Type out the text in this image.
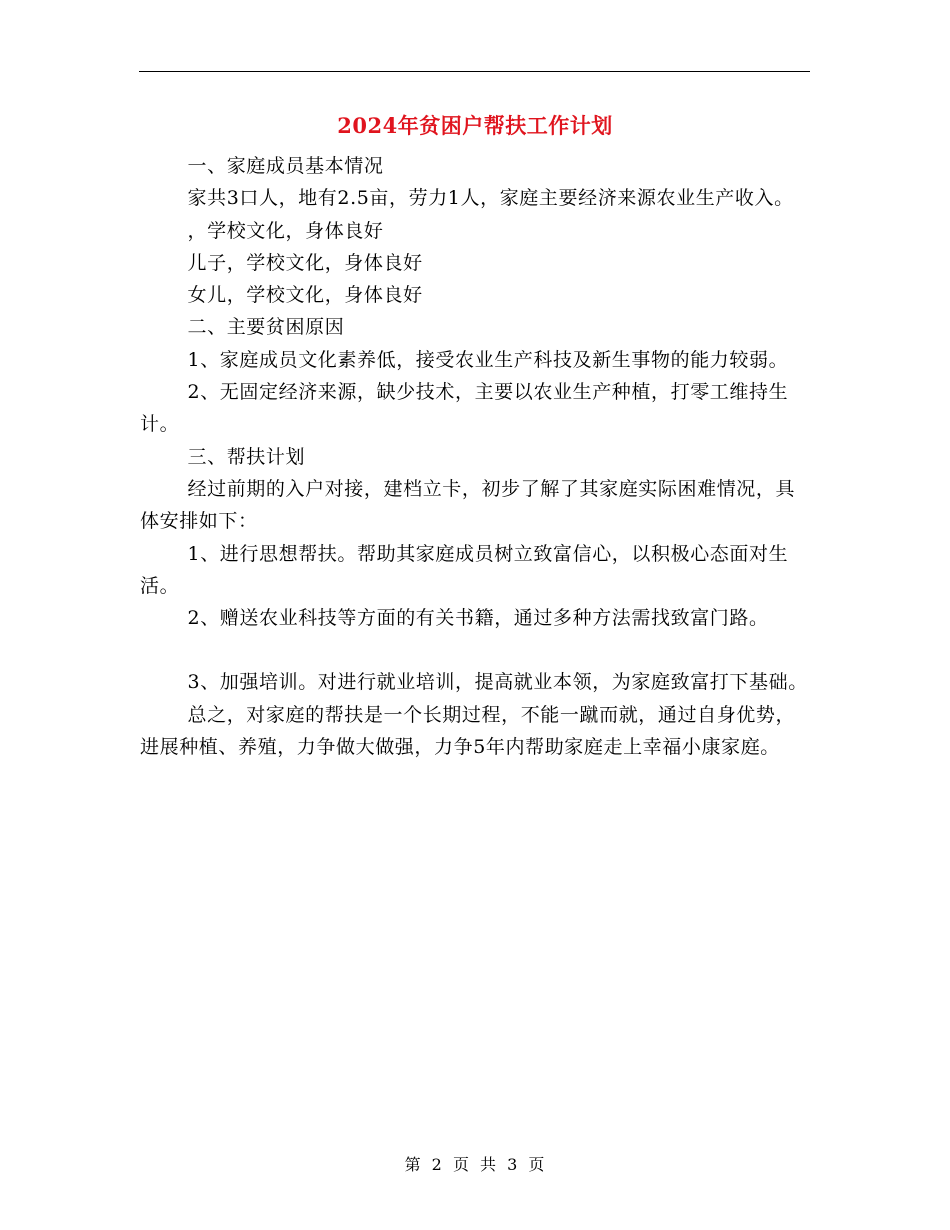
2024年贫困户帮扶工作计划

一、家庭成员基本情况

家共3口人，地有2.5亩，劳力1人，家庭主要经济来源农业生产收入。

，学校文化，身体良好

儿子，学校文化，身体良好

女儿，学校文化，身体良好

二、主要贫困原因

1、家庭成员文化素养低，接受农业生产科技及新生事物的能力较弱。

2、无固定经济来源，缺少技术，主要以农业生产种植，打零工维持生计。

三、帮扶计划

经过前期的入户对接，建档立卡，初步了解了其家庭实际困难情况，具体安排如下：

1、进行思想帮扶。帮助其家庭成员树立致富信心，以积极心态面对生活。

2、赠送农业科技等方面的有关书籍，通过多种方法需找致富门路。

3、加强培训。对进行就业培训，提高就业本领，为家庭致富打下基础。

总之，对家庭的帮扶是一个长期过程，不能一蹴而就，通过自身优势，进展种植、养殖，力争做大做强，力争5年内帮助家庭走上幸福小康家庭。

第 2 页 共 3 页
